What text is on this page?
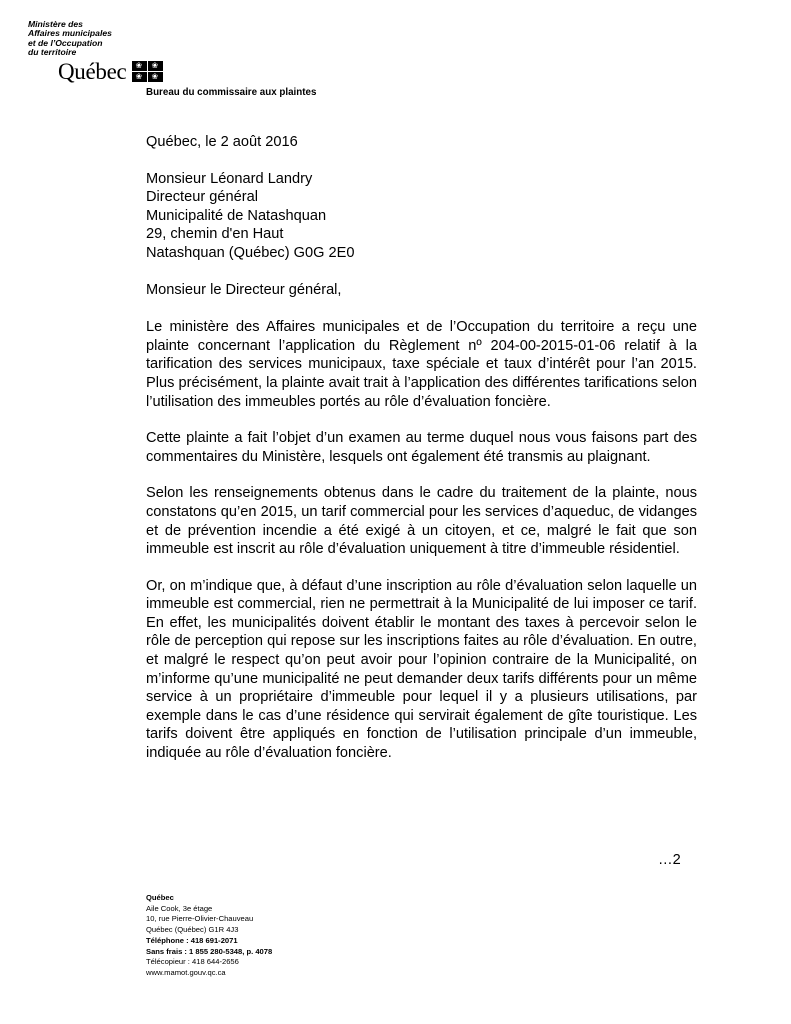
Ministère des
Affaires municipales
et de l’Occupation
du territoire
Québec
❀
❀
❀
❀
Bureau du commissaire aux plaintes

Québec, le 2 août 2016

Monsieur Léonard Landry

Directeur général

Municipalité de Natashquan

29, chemin d'en Haut

Natashquan (Québec) G0G 2E0

Monsieur le Directeur général,

Le ministère des Affaires municipales et de l’Occupation du territoire a reçu une plainte concernant l’application du Règlement nº 204-00-2015-01-06 relatif à la tarification des services municipaux, taxe spéciale et taux d’intérêt pour l’an 2015. Plus précisément, la plainte avait trait à l’application des différentes tarifications selon l’utilisation des immeubles portés au rôle d’évaluation foncière.

Cette plainte a fait l’objet d’un examen au terme duquel nous vous faisons part des commentaires du Ministère, lesquels ont également été transmis au plaignant.

Selon les renseignements obtenus dans le cadre du traitement de la plainte, nous constatons qu’en 2015, un tarif commercial pour les services d’aqueduc, de vidanges et de prévention incendie a été exigé à un citoyen, et ce, malgré le fait que son immeuble est inscrit au rôle d’évaluation uniquement à titre d’immeuble résidentiel.

Or, on m’indique que, à défaut d’une inscription au rôle d’évaluation selon laquelle un immeuble est commercial, rien ne permettrait à la Municipalité de lui imposer ce tarif. En effet, les municipalités doivent établir le montant des taxes à percevoir selon le rôle de perception qui repose sur les inscriptions faites au rôle d’évaluation. En outre, et malgré le respect qu’on peut avoir pour l’opinion contraire de la Municipalité, on m’informe qu’une municipalité ne peut demander deux tarifs différents pour un même service à un propriétaire d’immeuble pour lequel il y a plusieurs utilisations, par exemple dans le cas d’une résidence qui servirait également de gîte touristique. Les tarifs doivent être appliqués en fonction de l’utilisation principale d’un immeuble, indiquée au rôle d’évaluation foncière.

…2
Québec
Aile Cook, 3e étage
10, rue Pierre-Olivier-Chauveau
Québec (Québec) G1R 4J3
Téléphone : 418 691-2071
Sans frais : 1 855 280-5348, p. 4078
Télécopieur : 418 644-2656
www.mamot.gouv.qc.ca
